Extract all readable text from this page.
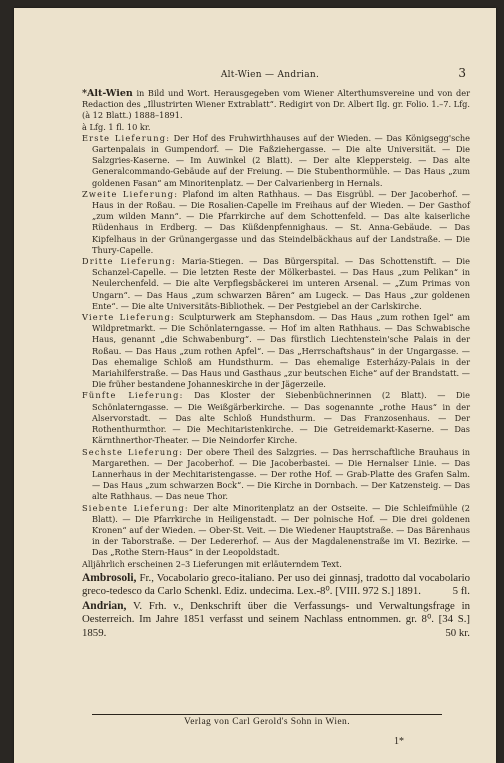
Alt-Wien — Andrian.	3

*Alt-Wien in Bild und Wort. Herausgegeben vom Wiener Alterthumsvereine und von der Redaction des „Illustrirten Wiener Extrablatt“. Redigirt von Dr. Albert Ilg. gr. Folio. 1.–7. Lfg. (à 12 Blatt.) 1888–1891.

à Lfg. 1 fl. 10 kr.

Erste Lieferung: Der Hof des Fruhwirthhauses auf der Wieden. — Das Königsegg'sche Gartenpalais in Gumpendorf. — Die Faßziehergasse. — Die alte Universität. — Die Salzgries-Kaserne. — Im Auwinkel (2 Blatt). — Der alte Kleppersteig. — Das alte Generalcommando-Gebäude auf der Freiung. — Die Stubenthormühle. — Das Haus „zum goldenen Fasan“ am Minoritenplatz. — Der Calvarienberg in Hernals.

Zweite Lieferung: Plafond im alten Rathhaus. — Das Eisgrübl. — Der Jacoberhof. — Haus in der Roßau. — Die Rosalien-Capelle im Freihaus auf der Wieden. — Der Gasthof „zum wilden Mann“. — Die Pfarrkirche auf dem Schottenfeld. — Das alte kaiserliche Rüdenhaus in Erdberg. — Das Küßdenpfennighaus. — St. Anna-Gebäude. — Das Kipfelhaus in der Grünangergasse und das Steindelbäckhaus auf der Landstraße. — Die Thury-Capelle.

Dritte Lieferung: Maria-Stiegen. — Das Bürgerspital. — Das Schottenstift. — Die Schanzel-Capelle. — Die letzten Reste der Mölkerbastei. — Das Haus „zum Pelikan“ in Neulerchenfeld. — Die alte Verpflegsbäckerei im unteren Arsenal. — „Zum Primas von Ungarn“. — Das Haus „zum schwarzen Bären“ am Lugeck. — Das Haus „zur goldenen Ente“. — Die alte Universitäts-Bibliothek. — Der Pestgiebel an der Carlskirche.

Vierte Lieferung: Sculpturwerk am Stephansdom. — Das Haus „zum rothen Igel“ am Wildpretmarkt. — Die Schönlaterngasse. — Hof im alten Rathhaus. — Das Schwabische Haus, genannt „die Schwabenburg“. — Das fürstlich Liechtenstein'sche Palais in der Roßau. — Das Haus „zum rothen Apfel“. — Das „Herrschaftshaus“ in der Ungargasse. — Das ehemalige Schloß am Hundsthurm. — Das ehemalige Esterházy-Palais in der Mariahilferstraße. — Das Haus und Gasthaus „zur beutschen Eiche“ auf der Brandstatt. — Die früher bestandene Johanneskirche in der Jägerzeile.

Fünfte Lieferung: Das Kloster der Siebenbüchnerinnen (2 Blatt). — Die Schönlaterngasse. — Die Weißgärberkirche. — Das sogenannte „rothe Haus“ in der Alservorstadt. — Das alte Schloß Hundsthurm. — Das Franzosenhaus. — Der Rothenthurmthor. — Die Mechitaristenkirche. — Die Getreidemarkt-Kaserne. — Das Kärnthnerthor-Theater. — Die Neindorfer Kirche.

Sechste Lieferung: Der obere Theil des Salzgries. — Das herrschaftliche Brauhaus in Margarethen. — Der Jacoberhof. — Die Jacoberbastei. — Die Hernalser Linie. — Das Lannerhaus in der Mechitaristengasse. — Der rothe Hof. — Grab-Platte des Grafen Salm. — Das Haus „zum schwarzen Bock“. — Die Kirche in Dornbach. — Der Katzensteig. — Das alte Rathhaus. — Das neue Thor.

Siebente Lieferung: Der alte Minoritenplatz an der Ostseite. — Die Schleifmühle (2 Blatt). — Die Pfarrkirche in Heiligenstadt. — Der polnische Hof. — Die drei goldenen Kronen“ auf der Wieden. — Ober-St. Veit. — Die Wiedener Hauptstraße. — Das Bärenhaus in der Taborstraße. — Der Ledererhof. — Aus der Magdalenenstraße im VI. Bezirke. — Das „Rothe Stern-Haus“ in der Leopoldstadt.

Alljährlich erscheinen 2–3 Lieferungen mit erläuterndem Text.

Ambrosoli, Fr., Vocabolario greco-italiano. Per uso dei ginnasj, tradotto dal vocabolario greco-tedesco da Carlo Schenkl. Ediz. undecima. Lex.-8⁰. [VIII. 972 S.] 1891.	5 fl.

Andrian, V. Frh. v., Denkschrift über die Verfassungs- und Verwaltungsfrage in Oesterreich. Im Jahre 1851 verfasst und seinem Nachlass entnommen. gr. 8⁰. [34 S.] 1859.	50 kr.

Verlag von Carl Gerold's Sohn in Wien.
1*
